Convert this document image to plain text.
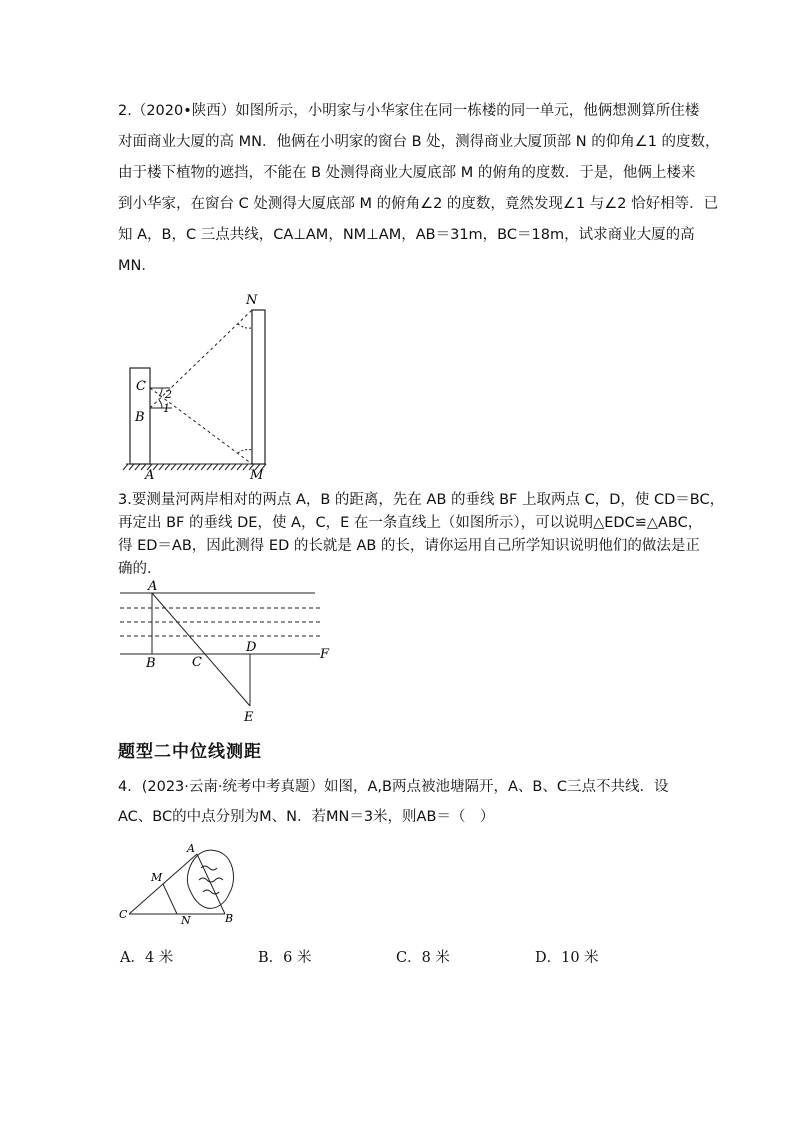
2.（2020•陕西）如图所示，小明家与小华家住在同一栋楼的同一单元，他俩想测算所住楼
对面商业大厦的高 MN．他俩在小明家的窗台 B 处，测得商业大厦顶部 N 的仰角∠1 的度数，
由于楼下植物的遮挡，不能在 B 处测得商业大厦底部 M 的俯角的度数．于是，他俩上楼来
到小华家，在窗台 C 处测得大厦底部 M 的俯角∠2 的度数，竟然发现∠1 与∠2 恰好相等．已
知 A，B，C 三点共线，CA⊥AM，NM⊥AM，AB＝31m，BC＝18m，试求商业大厦的高
MN．
N
C
B
A	M
2
1
3.要测量河两岸相对的两点 A，B 的距离，先在 AB 的垂线 BF 上取两点 C，D，使 CD＝BC，
再定出 BF 的垂线 DE，使 A，C，E 在一条直线上（如图所示），可以说明△EDC≌△ABC，
得 ED＝AB，因此测得 ED 的长就是 AB 的长，请你运用自己所学知识说明他们的做法是正
确的．
A
B	C
D
E
F
题型二中位线测距
4．(2023·云南·统考中考真题）如图，A,B两点被池塘隔开，A、B、C三点不共线．设
AC、BC的中点分别为M、N．若MN＝3米，则AB＝（　）
A
M
C	N	B
A．4 米	B．6 米	C．8 米	D．10 米
